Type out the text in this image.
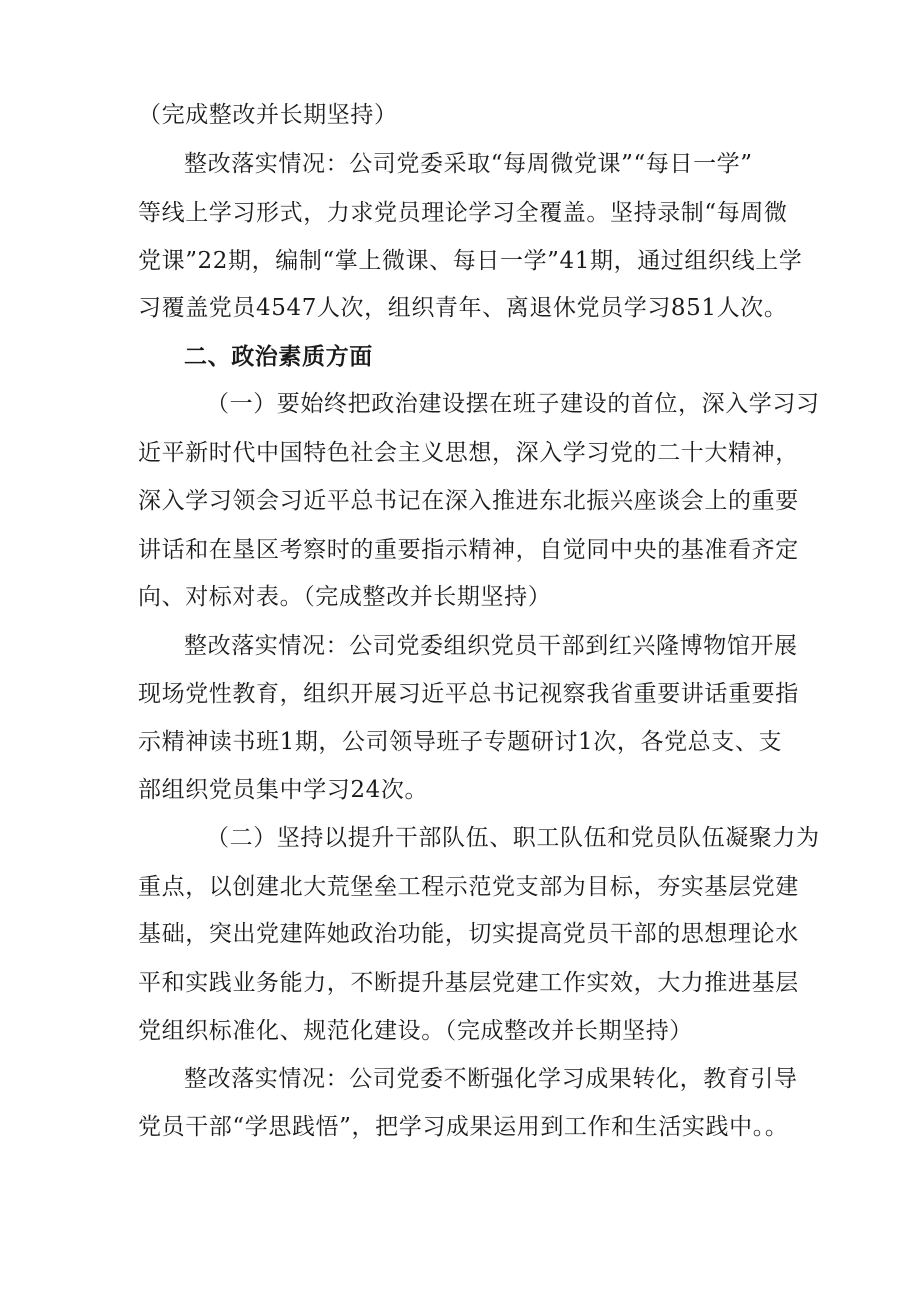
（完成整改并长期坚持）
整改落实情况：公司党委采取“每周微党课”“每日一学”
等线上学习形式，力求党员理论学习全覆盖。坚持录制“每周微
党课”22期，编制“掌上微课、每日一学”41期，通过组织线上学
习覆盖党员4547人次，组织青年、离退休党员学习851人次。
二、政治素质方面
（一）要始终把政治建设摆在班子建设的首位，深入学习习
近平新时代中国特色社会主义思想，深入学习党的二十大精神，
深入学习领会习近平总书记在深入推进东北振兴座谈会上的重要
讲话和在垦区考察时的重要指示精神，自觉同中央的基准看齐定
向、对标对表。（完成整改并长期坚持）
整改落实情况：公司党委组织党员干部到红兴隆博物馆开展
现场党性教育，组织开展习近平总书记视察我省重要讲话重要指
示精神读书班1期，公司领导班子专题研讨1次，各党总支、支
部组织党员集中学习24次。
（二）坚持以提升干部队伍、职工队伍和党员队伍凝聚力为
重点，以创建北大荒堡垒工程示范党支部为目标，夯实基层党建
基础，突出党建阵她政治功能，切实提高党员干部的思想理论水
平和实践业务能力，不断提升基层党建工作实效，大力推进基层
党组织标准化、规范化建设。（完成整改并长期坚持）
整改落实情况：公司党委不断强化学习成果转化，教育引导
党员干部“学思践悟”，把学习成果运用到工作和生活实践中。。
